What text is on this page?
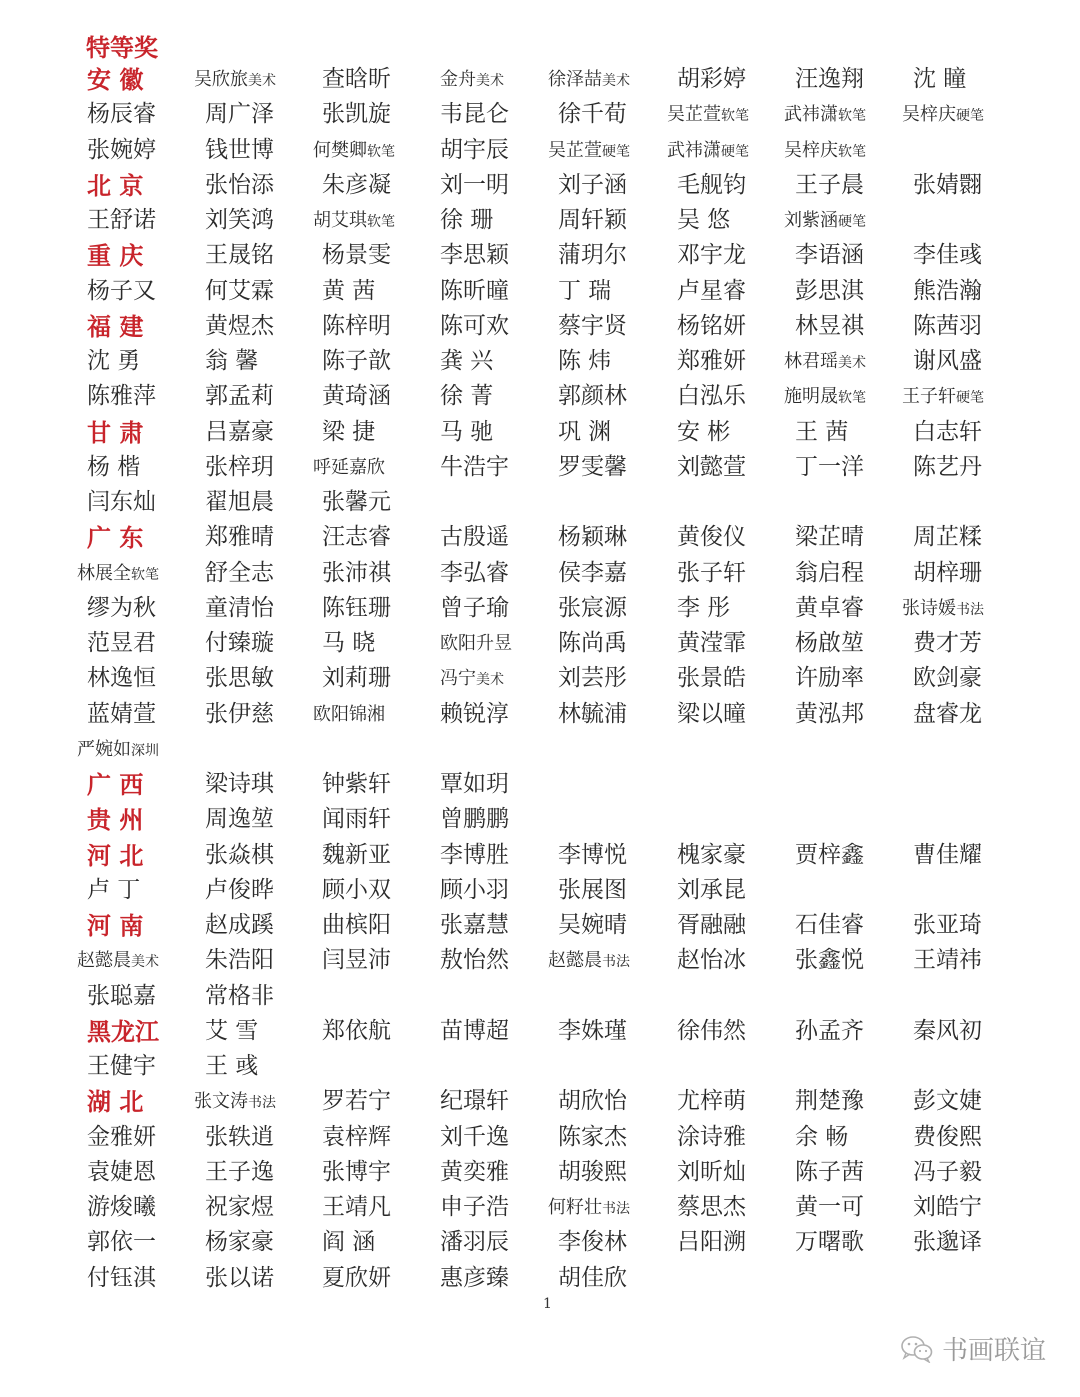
特等奖
安 徽	吴欣旅美术 查晗昕	金舟美术 徐泽喆美术 胡彩婷 汪逸翔 沈 瞳
杨辰睿 周广泽 张凯旋 韦昆仑 徐千荀 吴芷萱软笔 武祎潇软笔 吴梓庆硬笔
张婉婷 钱世博 何樊卿软笔 胡宇辰 吴芷萱硬笔 武祎潇硬笔 吴梓庆软笔
北 京	张怡添 朱彦凝 刘一明 刘子涵 毛舰钧 王子晨 张婧翾
王舒诺 刘笑鸿 胡艾琪软笔 徐 珊	周轩颖 吴 悠	刘紫涵硬笔
重 庆	王晟铭 杨景雯 李思颖 蒲玥尔 邓宇龙 李语涵 李佳彧
杨子又 何艾霖 黄 茜	陈昕曈 丁 瑞	卢星睿 彭思淇 熊浩瀚
福 建	黄煜杰 陈梓明 陈可欢 蔡宇贤 杨铭妍 林昱祺 陈茜羽
沈 勇	翁 馨	陈子歆 龚 兴	陈 炜	郑雅妍 林君瑶美术 谢风盛
陈雅萍 郭孟莉 黄琦涵 徐 菁	郭颜林 白泓乐 施明晟软笔 王子轩硬笔
甘 肃	吕嘉豪 梁 捷	马 驰	巩 渊	安 彬	王 茜	白志轩
杨 楷	张梓玥 呼延嘉欣 牛浩宇 罗雯馨 刘懿萱 丁一洋 陈艺丹
闫东灿 翟旭晨 张馨元
广 东	郑雅晴 汪志睿 古殷遥 杨颖琳 黄俊仪 梁芷晴 周芷糅
林展全软笔 舒全志 张沛祺 李弘睿 侯李嘉 张子轩 翁启程 胡梓珊
缪为秋 童清怡 陈钰珊 曾子瑜 张宸源 李 彤	黄卓睿 张诗媛书法
范昱君 付臻璇 马 晓	欧阳升昱 陈尚禹 黄滢霏 杨啟堃 费才芳
林逸恒 张思敏 刘莉珊	冯宁美术 刘芸彤 张景皓 许励率 欧剑豪
蓝婧萱 张伊慈 欧阳锦湘 赖锐淳 林毓浦 梁以曈 黄泓邦 盘睿龙
严婉如深圳
广 西	梁诗琪 钟紫轩 覃如玥
贵 州	周逸堃 闻雨轩 曾鹏鹏
河 北	张焱棋 魏新亚 李博胜 李博悦 槐家豪 贾梓鑫 曹佳耀
卢 丁	卢俊晔 顾小双 顾小羽 张展图 刘承昆
河 南	赵成蹊 曲槟阳 张嘉慧 吴婉晴 胥融融 石佳睿 张亚琦
赵懿晨美术 朱浩阳 闫昱沛 敖怡然 赵懿晨书法 赵怡冰 张鑫悦 王靖祎
张聪嘉 常格非
黑龙江 艾 雪	郑依航 苗博超 李姝瑾 徐伟然 孙孟齐 秦风初
王健宇 王 彧
湖 北	张文涛书法 罗若宁 纪璟轩 胡欣怡 尤梓萌 荆楚豫 彭文婕
金雅妍 张轶逍 袁梓辉 刘千逸 陈家杰 涂诗雅 余 畅	费俊熙
袁婕恩 王子逸 张博宇 黄奕雅 胡骏熙 刘昕灿 陈子茜 冯子毅
游焌曦 祝家煜 王靖凡 申子浩 何籽壮书法 蔡思杰 黄一可 刘皓宁
郭依一 杨家豪 阎 涵	潘羽辰 李俊林 吕阳溯 万曙歌 张邈译
付钰淇 张以诺 夏欣妍 惠彦臻 胡佳欣
1
书画联谊
